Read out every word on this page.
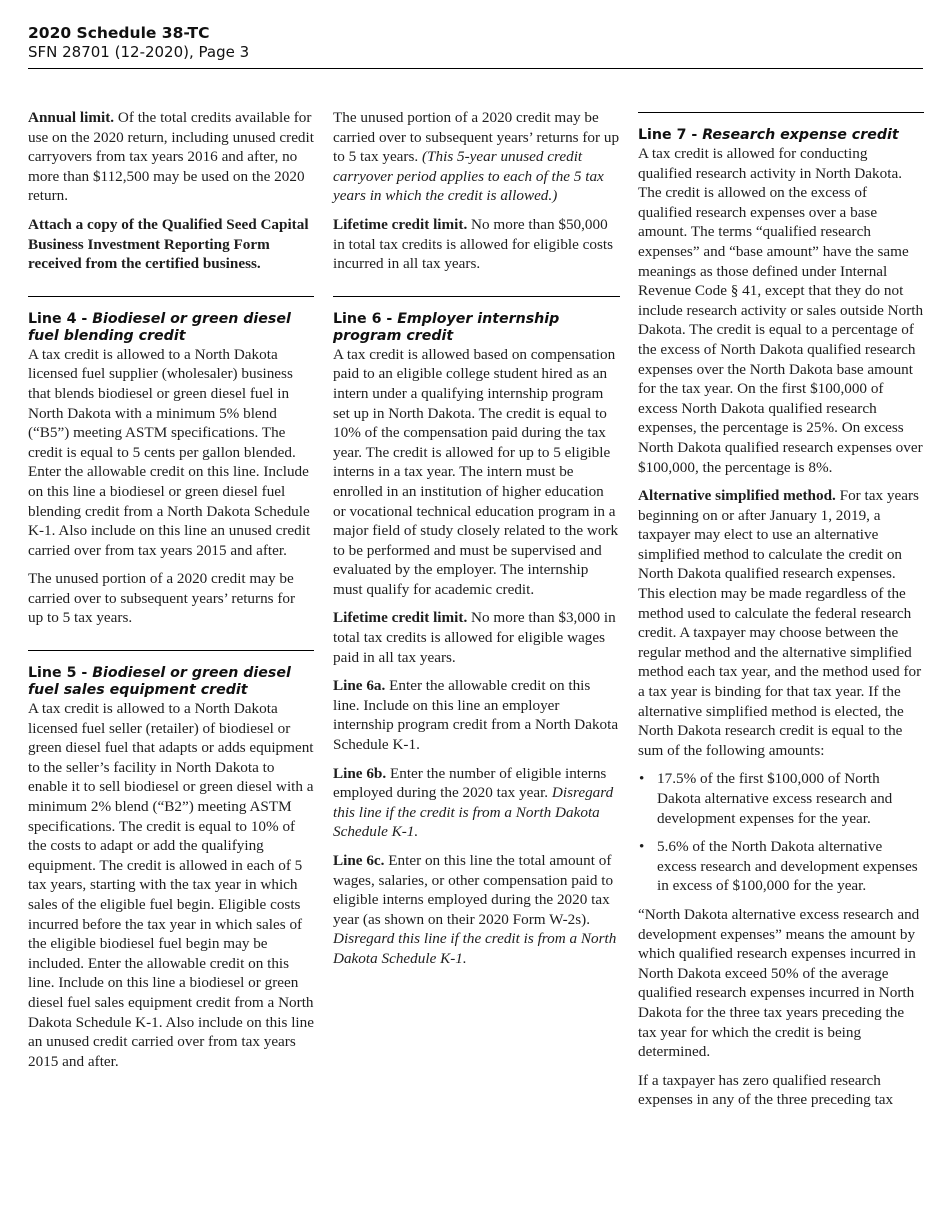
2020 Schedule 38-TC
SFN 28701 (12-2020), Page 3

Annual limit. Of the total credits available for use on the 2020 return, including unused credit carryovers from tax years 2016 and after, no more than $112,500 may be used on the 2020 return.

Attach a copy of the Qualified Seed Capital Business Investment Reporting Form received from the certified business.

Line 4 - Biodiesel or green diesel fuel blending credit

A tax credit is allowed to a North Dakota licensed fuel supplier (wholesaler) business that blends biodiesel or green diesel fuel in North Dakota with a minimum 5% blend (“B5”) meeting ASTM specifications. The credit is equal to 5 cents per gallon blended. Enter the allowable credit on this line. Include on this line a biodiesel or green diesel fuel blending credit from a North Dakota Schedule K-1. Also include on this line an unused credit carried over from tax years 2015 and after.

The unused portion of a 2020 credit may be carried over to subsequent years’ returns for up to 5 tax years.

Line 5 - Biodiesel or green diesel fuel sales equipment credit

A tax credit is allowed to a North Dakota licensed fuel seller (retailer) of biodiesel or green diesel fuel that adapts or adds equipment to the seller’s facility in North Dakota to enable it to sell biodiesel or green diesel with a minimum 2% blend (“B2”) meeting ASTM specifications. The credit is equal to 10% of the costs to adapt or add the qualifying equipment. The credit is allowed in each of 5 tax years, starting with the tax year in which sales of the eligible fuel begin. Eligible costs incurred before the tax year in which sales of the eligible biodiesel fuel begin may be included. Enter the allowable credit on this line. Include on this line a biodiesel or green diesel fuel sales equipment credit from a North Dakota Schedule K-1. Also include on this line an unused credit carried over from tax years 2015 and after.

The unused portion of a 2020 credit may be carried over to subsequent years’ returns for up to 5 tax years. (This 5-year unused credit carryover period applies to each of the 5 tax years in which the credit is allowed.)

Lifetime credit limit. No more than $50,000 in total tax credits is allowed for eligible costs incurred in all tax years.

Line 6 - Employer internship program credit

A tax credit is allowed based on compensation paid to an eligible college student hired as an intern under a qualifying internship program set up in North Dakota. The credit is equal to 10% of the compensation paid during the tax year. The credit is allowed for up to 5 eligible interns in a tax year. The intern must be enrolled in an institution of higher education or vocational technical education program in a major field of study closely related to the work to be performed and must be supervised and evaluated by the employer. The internship must qualify for academic credit.

Lifetime credit limit. No more than $3,000 in total tax credits is allowed for eligible wages paid in all tax years.

Line 6a. Enter the allowable credit on this line. Include on this line an employer internship program credit from a North Dakota Schedule K-1.

Line 6b. Enter the number of eligible interns employed during the 2020 tax year. Disregard this line if the credit is from a North Dakota Schedule K-1.

Line 6c. Enter on this line the total amount of wages, salaries, or other compensation paid to eligible interns employed during the 2020 tax year (as shown on their 2020 Form W-2s). Disregard this line if the credit is from a North Dakota Schedule K-1.

Line 7 - Research expense credit

A tax credit is allowed for conducting qualified research activity in North Dakota. The credit is allowed on the excess of qualified research expenses over a base amount. The terms “qualified research expenses” and “base amount” have the same meanings as those defined under Internal Revenue Code § 41, except that they do not include research activity or sales outside North Dakota. The credit is equal to a percentage of the excess of North Dakota qualified research expenses over the North Dakota base amount for the tax year. On the first $100,000 of excess North Dakota qualified research expenses, the percentage is 25%. On excess North Dakota qualified research expenses over $100,000, the percentage is 8%.

Alternative simplified method. For tax years beginning on or after January 1, 2019, a taxpayer may elect to use an alternative simplified method to calculate the credit on North Dakota qualified research expenses. This election may be made regardless of the method used to calculate the federal research credit. A taxpayer may choose between the regular method and the alternative simplified method each tax year, and the method used for a tax year is binding for that tax year. If the alternative simplified method is elected, the North Dakota research credit is equal to the sum of the following amounts:

• 17.5% of the first $100,000 of North Dakota alternative excess research and development expenses for the year.
• 5.6% of the North Dakota alternative excess research and development expenses in excess of $100,000 for the year.

“North Dakota alternative excess research and development expenses” means the amount by which qualified research expenses incurred in North Dakota exceed 50% of the average qualified research expenses incurred in North Dakota for the three tax years preceding the tax year for which the credit is being determined.

If a taxpayer has zero qualified research expenses in any of the three preceding tax
